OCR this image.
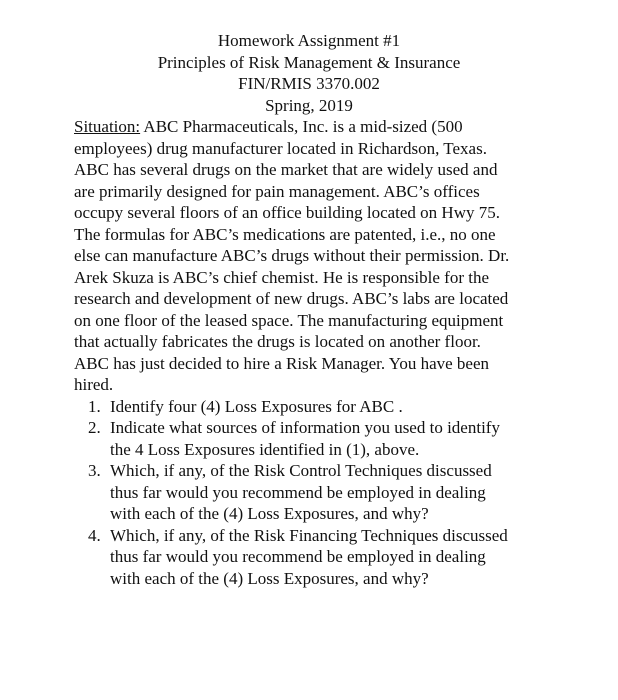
Homework Assignment #1
Principles of Risk Management & Insurance
FIN/RMIS 3370.002
Spring, 2019
Situation: ABC Pharmaceuticals, Inc. is a mid-sized (500
employees) drug manufacturer located in Richardson, Texas.
ABC has several drugs on the market that are widely used and
are primarily designed for pain management. ABC’s offices
occupy several floors of an office building located on Hwy 75.
The formulas for ABC’s medications are patented, i.e., no one
else can manufacture ABC’s drugs without their permission. Dr.
Arek Skuza is ABC’s chief chemist. He is responsible for the
research and development of new drugs. ABC’s labs are located
on one floor of the leased space. The manufacturing equipment
that actually fabricates the drugs is located on another floor.
ABC has just decided to hire a Risk Manager. You have been
hired.
1. Identify four (4) Loss Exposures for ABC .
2. Indicate what sources of information you used to identify
the 4 Loss Exposures identified in (1), above.
3. Which, if any, of the Risk Control Techniques discussed
thus far would you recommend be employed in dealing
with each of the (4) Loss Exposures, and why?
4. Which, if any, of the Risk Financing Techniques discussed
thus far would you recommend be employed in dealing
with each of the (4) Loss Exposures, and why?
